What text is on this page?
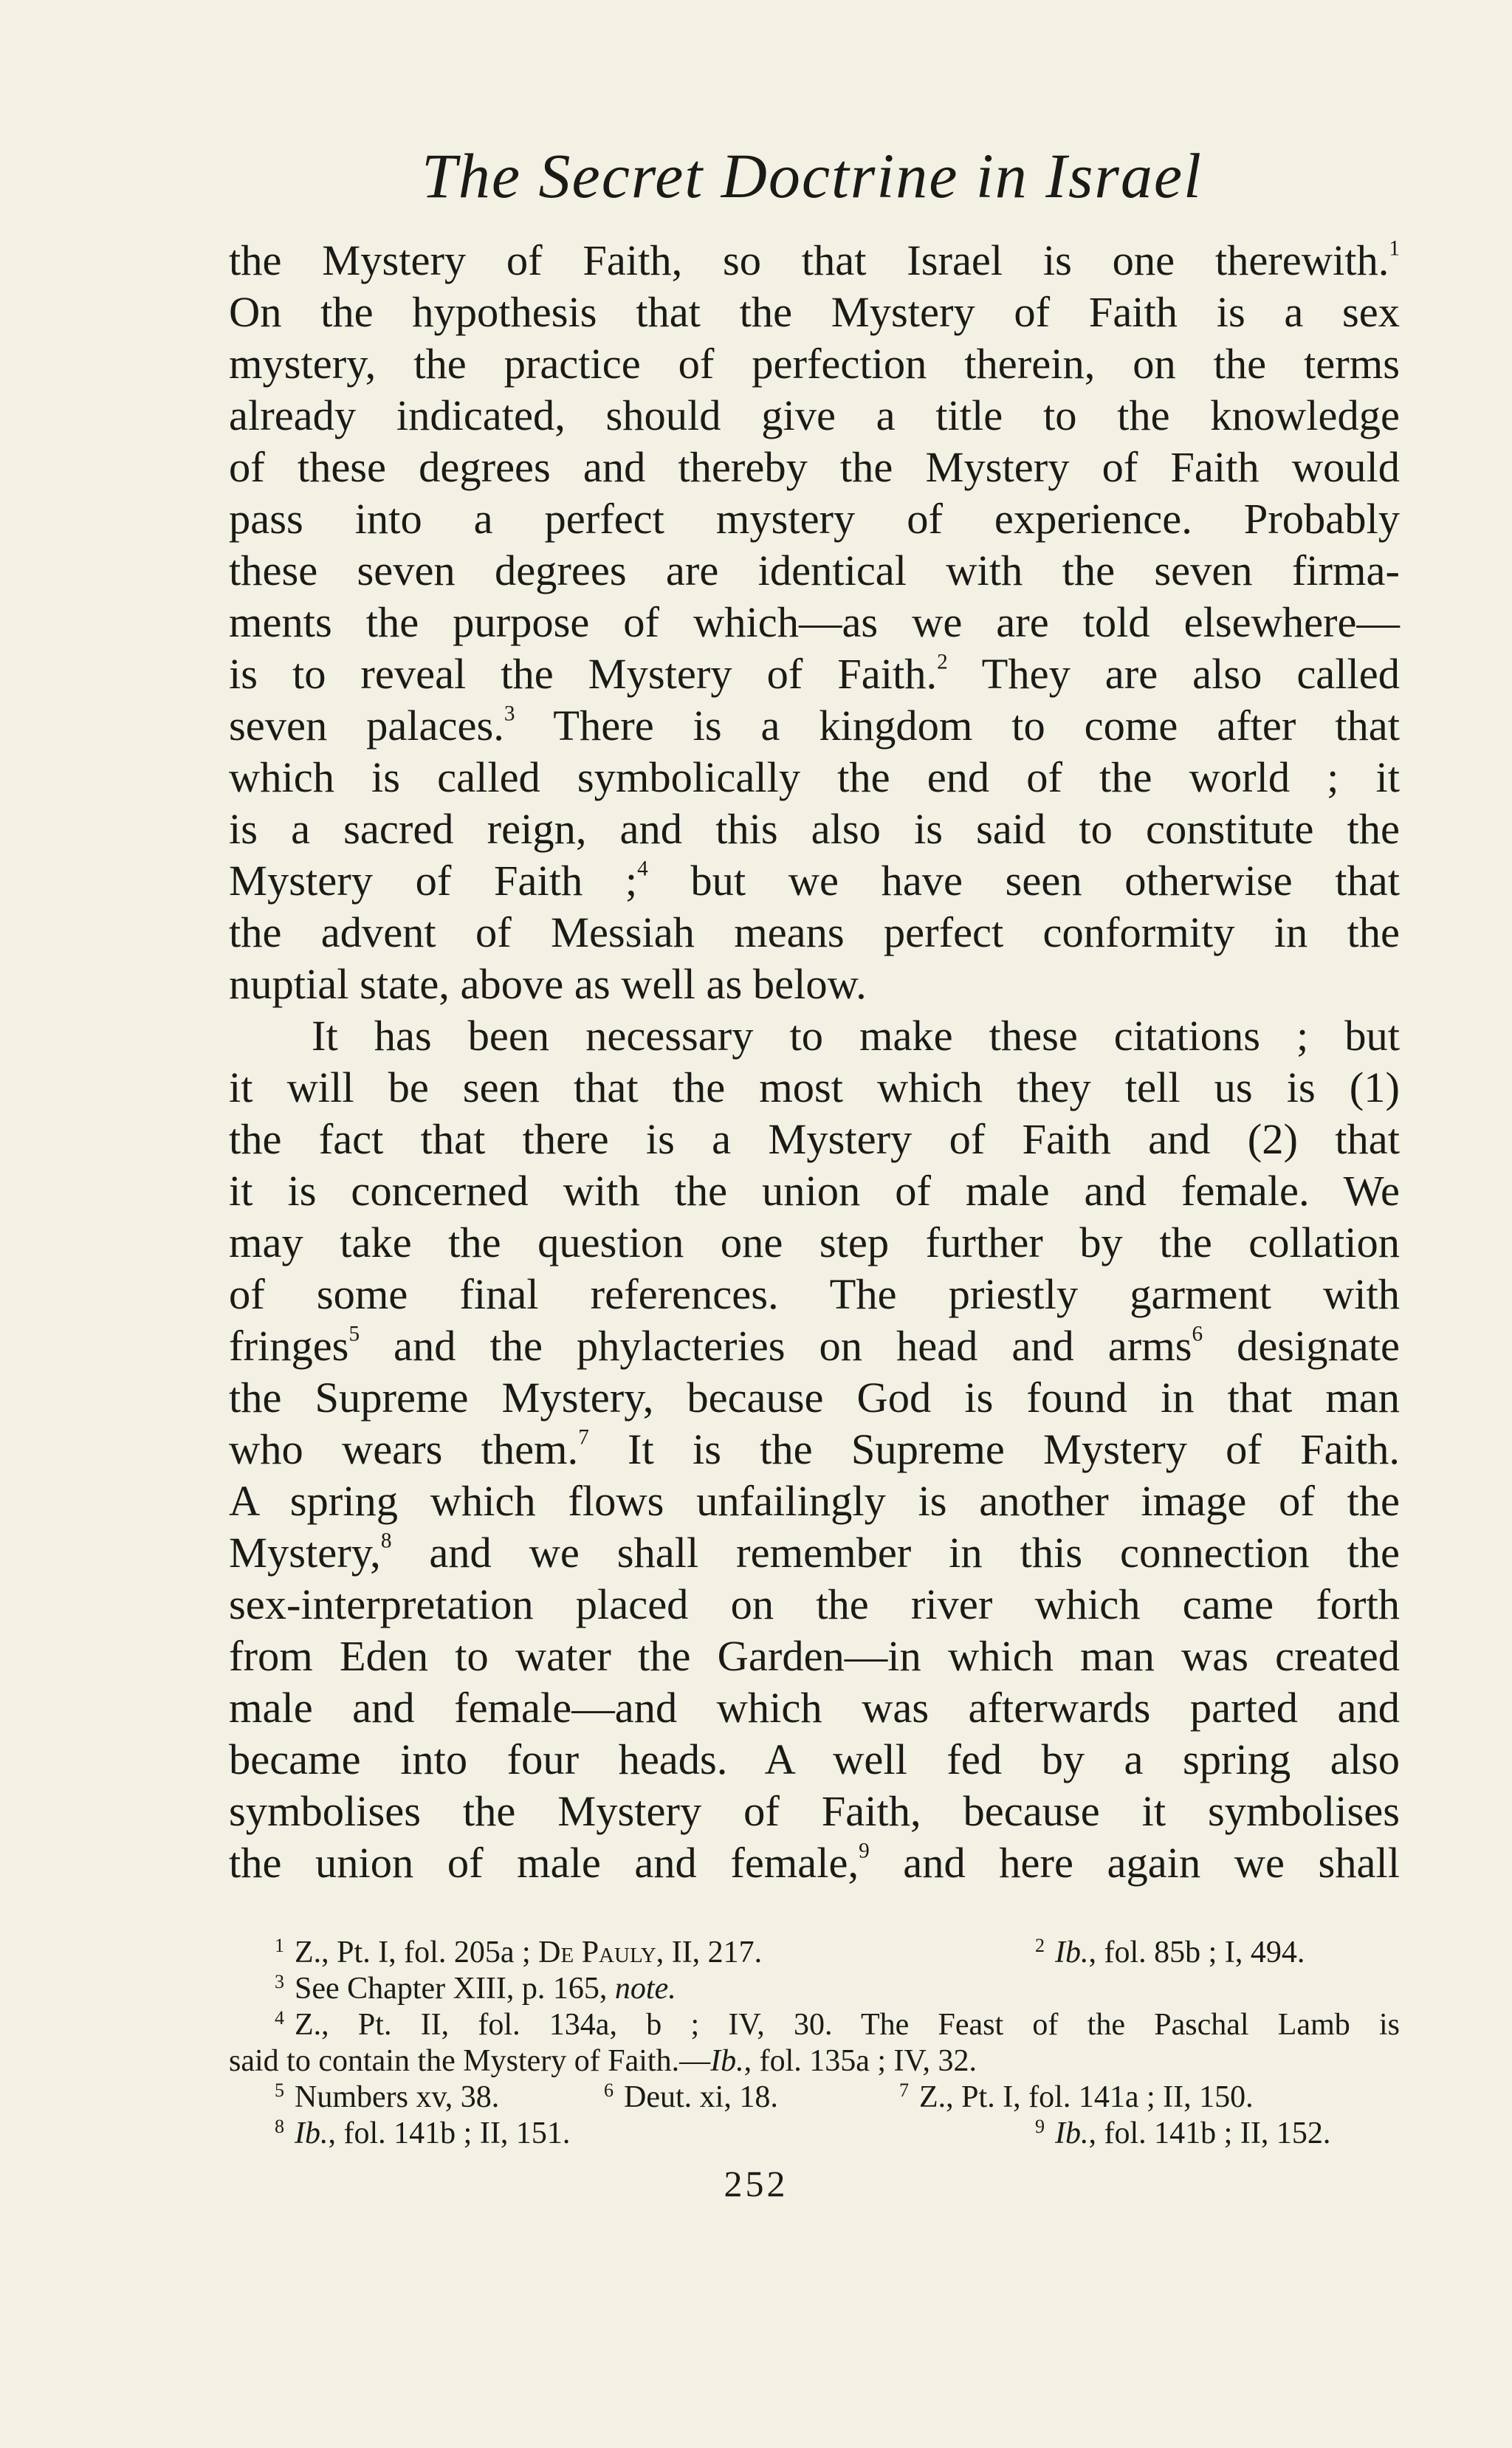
The Secret Doctrine in Israel
the Mystery of Faith, so that Israel is one therewith.$^1$
On the hypothesis that the Mystery of Faith is a sex
mystery, the practice of perfection therein, on the terms
already indicated, should give a title to the knowledge
of these degrees and thereby the Mystery of Faith would
pass into a perfect mystery of experience. Probably
these seven degrees are identical with the seven firma-
ments the purpose of which—as we are told elsewhere—
is to reveal the Mystery of Faith.$^2$ They are also called
seven palaces.$^3$ There is a kingdom to come after that
which is called symbolically the end of the world ; it
is a sacred reign, and this also is said to constitute the
Mystery of Faith ;$^4$ but we have seen otherwise that
the advent of Messiah means perfect conformity in the
nuptial state, above as well as below.
It has been necessary to make these citations ; but
it will be seen that the most which they tell us is (1)
the fact that there is a Mystery of Faith and (2) that
it is concerned with the union of male and female. We
may take the question one step further by the collation
of some final references. The priestly garment with
fringes$^5$ and the phylacteries on head and arms$^6$ designate
the Supreme Mystery, because God is found in that man
who wears them.$^7$ It is the Supreme Mystery of Faith.
A spring which flows unfailingly is another image of the
Mystery,$^8$ and we shall remember in this connection the
sex-interpretation placed on the river which came forth
from Eden to water the Garden—in which man was created
male and female—and which was afterwards parted and
became into four heads. A well fed by a spring also
symbolises the Mystery of Faith, because it symbolises
the union of male and female,$^9$ and here again we shall
$^1$ Z., Pt. I, fol. 205a ; De Pauly, II, 217.	$^2$ Ib., fol. 85b ; I, 494.
$^3$ See Chapter XIII, p. 165, note.
$^4$ Z., Pt. II, fol. 134a, b ; IV, 30. The Feast of the Paschal Lamb is
said to contain the Mystery of Faith.—Ib., fol. 135a ; IV, 32.
$^5$ Numbers xv, 38.	$^6$ Deut. xi, 18.	$^7$ Z., Pt. I, fol. 141a ; II, 150.
$^8$ Ib., fol. 141b ; II, 151.	$^9$ Ib., fol. 141b ; II, 152.
252
